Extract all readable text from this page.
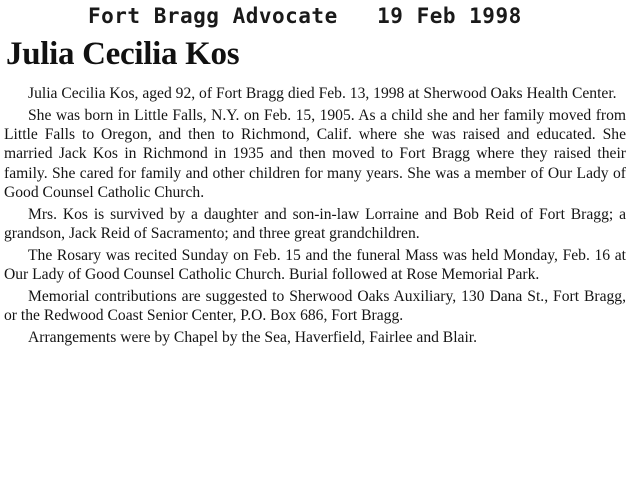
Fort Bragg Advocate 19 Feb 1998
Julia Cecilia Kos

Julia Cecilia Kos, aged 92, of Fort Bragg died Feb. 13, 1998 at Sherwood Oaks Health Center.

She was born in Little Falls, N.Y. on Feb. 15, 1905. As a child she and her family moved from Little Falls to Oregon, and then to Richmond, Calif. where she was raised and educated. She married Jack Kos in Richmond in 1935 and then moved to Fort Bragg where they raised their family. She cared for family and other children for many years. She was a member of Our Lady of Good Counsel Catholic Church.

Mrs. Kos is survived by a daughter and son-in-law Lorraine and Bob Reid of Fort Bragg; a grandson, Jack Reid of Sacramento; and three great grandchildren.

The Rosary was recited Sunday on Feb. 15 and the funeral Mass was held Monday, Feb. 16 at Our Lady of Good Counsel Catholic Church. Burial followed at Rose Memorial Park.

Memorial contributions are suggested to Sherwood Oaks Auxiliary, 130 Dana St., Fort Bragg, or the Redwood Coast Senior Center, P.O. Box 686, Fort Bragg.

Arrangements were by Chapel by the Sea, Haverfield, Fairlee and Blair.
